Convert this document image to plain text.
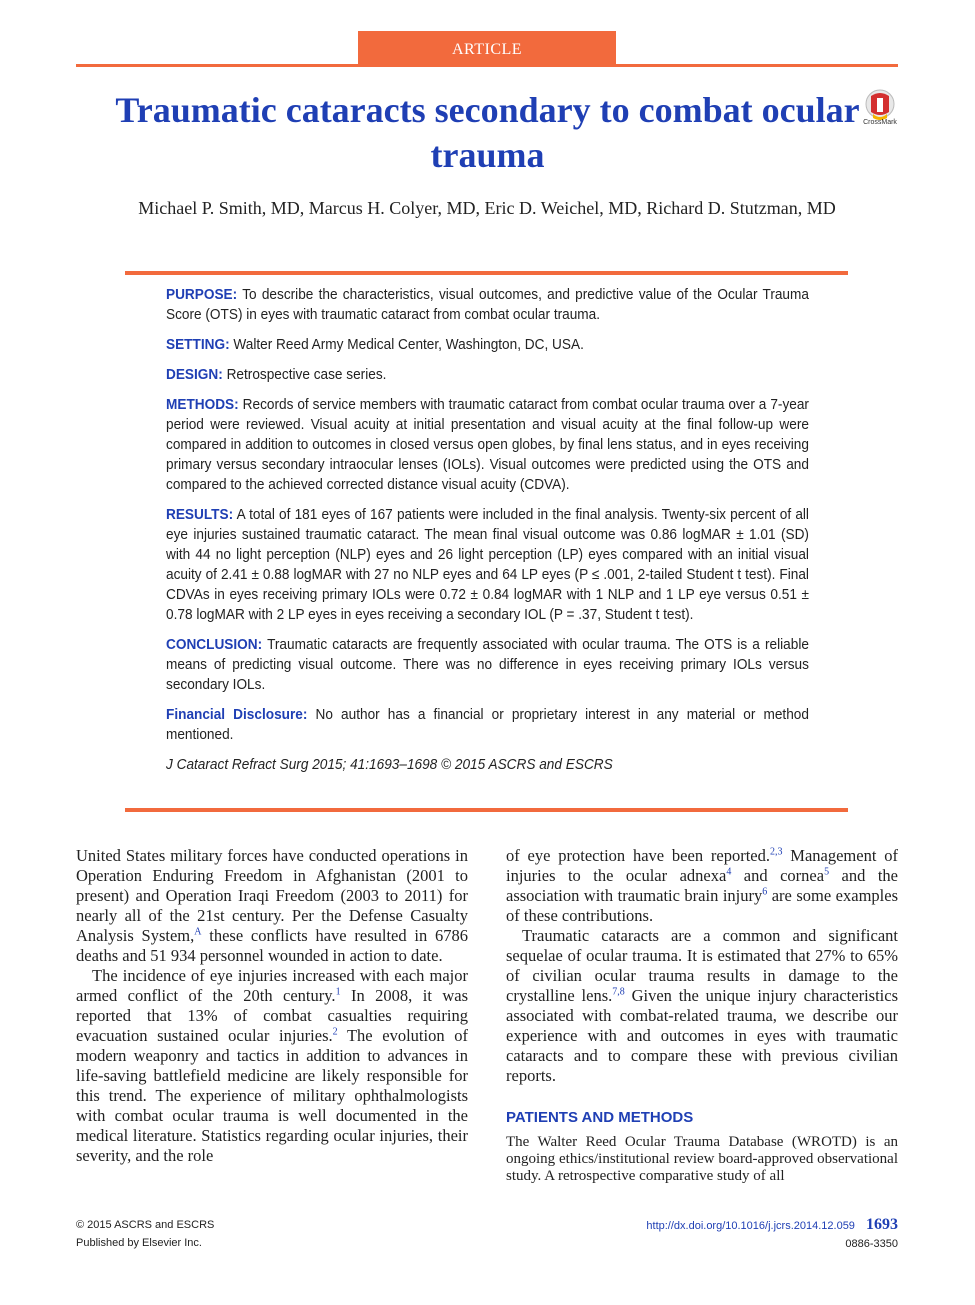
ARTICLE
Traumatic cataracts secondary to combat ocular trauma
CrossMark
Michael P. Smith, MD, Marcus H. Colyer, MD, Eric D. Weichel, MD, Richard D. Stutzman, MD

PURPOSE: To describe the characteristics, visual outcomes, and predictive value of the Ocular Trauma Score (OTS) in eyes with traumatic cataract from combat ocular trauma.

SETTING: Walter Reed Army Medical Center, Washington, DC, USA.

DESIGN: Retrospective case series.

METHODS: Records of service members with traumatic cataract from combat ocular trauma over a 7-year period were reviewed. Visual acuity at initial presentation and visual acuity at the final follow-up were compared in addition to outcomes in closed versus open globes, by final lens status, and in eyes receiving primary versus secondary intraocular lenses (IOLs). Visual outcomes were predicted using the OTS and compared to the achieved corrected distance visual acuity (CDVA).

RESULTS: A total of 181 eyes of 167 patients were included in the final analysis. Twenty-six percent of all eye injuries sustained traumatic cataract. The mean final visual outcome was 0.86 logMAR ± 1.01 (SD) with 44 no light perception (NLP) eyes and 26 light perception (LP) eyes compared with an initial visual acuity of 2.41 ± 0.88 logMAR with 27 no NLP eyes and 64 LP eyes (P ≤ .001, 2-tailed Student t test). Final CDVAs in eyes receiving primary IOLs were 0.72 ± 0.84 logMAR with 1 NLP and 1 LP eye versus 0.51 ± 0.78 logMAR with 2 LP eyes in eyes receiving a secondary IOL (P = .37, Student t test).

CONCLUSION: Traumatic cataracts are frequently associated with ocular trauma. The OTS is a reliable means of predicting visual outcome. There was no difference in eyes receiving primary IOLs versus secondary IOLs.

Financial Disclosure: No author has a financial or proprietary interest in any material or method mentioned.

J Cataract Refract Surg 2015; 41:1693–1698 © 2015 ASCRS and ESCRS

United States military forces have conducted operations in Operation Enduring Freedom in Afghanistan (2001 to present) and Operation Iraqi Freedom (2003 to 2011) for nearly all of the 21st century. Per the Defense Casualty Analysis System,$^A$ these conflicts have resulted in 6786 deaths and 51 934 personnel wounded in action to date.

The incidence of eye injuries increased with each major armed conflict of the 20th century.$^1$ In 2008, it was reported that 13% of combat casualties requiring evacuation sustained ocular injuries.$^2$ The evolution of modern weaponry and tactics in addition to advances in life-saving battlefield medicine are likely responsible for this trend. The experience of military ophthalmologists with combat ocular trauma is well documented in the medical literature. Statistics regarding ocular injuries, their severity, and the role

of eye protection have been reported.$^{2,3}$ Management of injuries to the ocular adnexa$^4$ and cornea$^5$ and the association with traumatic brain injury$^6$ are some examples of these contributions.

Traumatic cataracts are a common and significant sequelae of ocular trauma. It is estimated that 27% to 65% of civilian ocular trauma results in damage to the crystalline lens.$^{7,8}$ Given the unique injury characteristics associated with combat-related trauma, we describe our experience with and outcomes in eyes with traumatic cataracts and to compare these with previous civilian reports.

PATIENTS AND METHODS

The Walter Reed Ocular Trauma Database (WROTD) is an ongoing ethics/institutional review board-approved observational study. A retrospective comparative study of all

© 2015 ASCRS and ESCRS
Published by Elsevier Inc.
http://dx.doi.org/10.1016/j.jcrs.2014.12.059 1693
0886-3350
